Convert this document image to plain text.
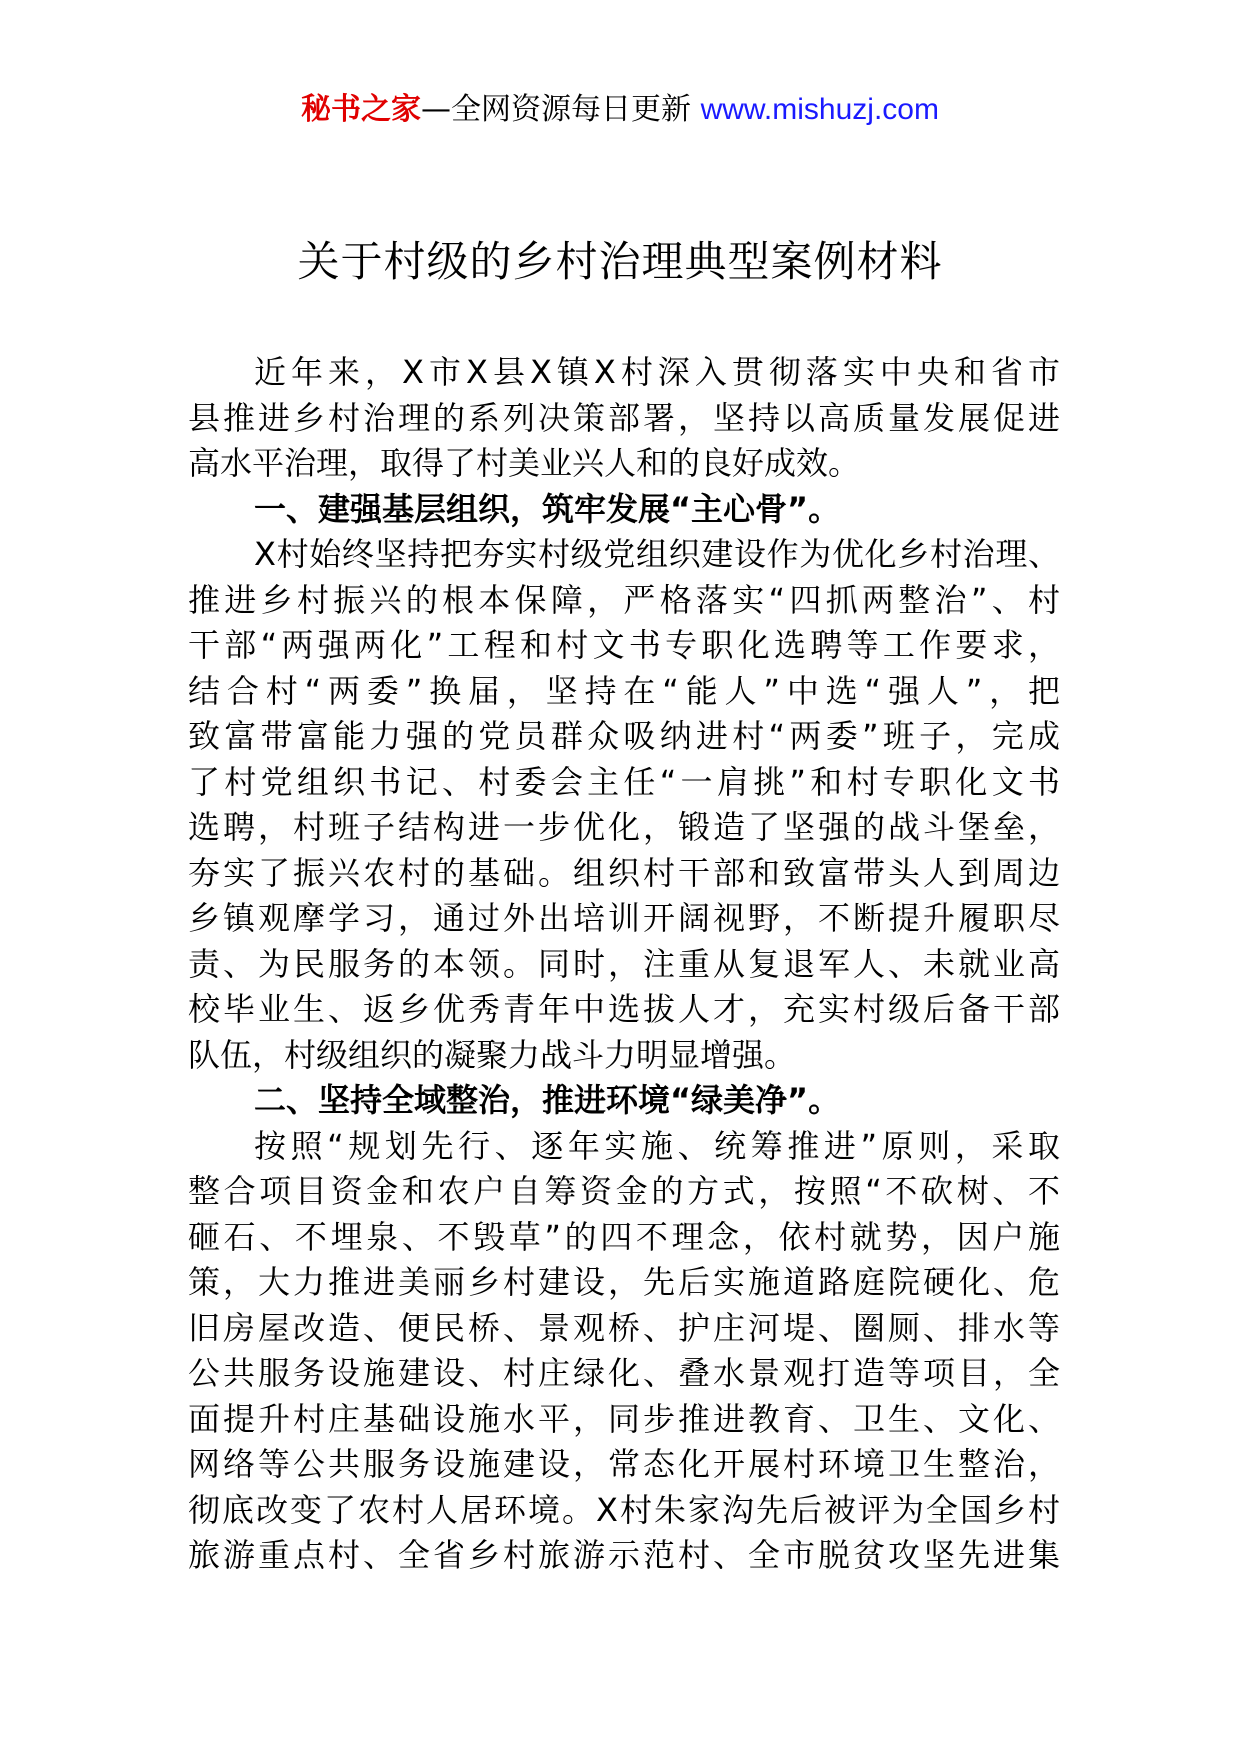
秘书之家—全网资源每日更新 www.mishuzj.com
关于村级的乡村治理典型案例材料
近年来，X市X县X镇X村深入贯彻落实中央和省市
县推进乡村治理的系列决策部署，坚持以高质量发展促进
高水平治理，取得了村美业兴人和的良好成效。
一、建强基层组织，筑牢发展“主心骨”。
X村始终坚持把夯实村级党组织建设作为优化乡村治理、
推进乡村振兴的根本保障，严格落实“四抓两整治”、村
干部“两强两化”工程和村文书专职化选聘等工作要求，
结合村“两委”换届，坚持在“能人”中选“强人”，把
致富带富能力强的党员群众吸纳进村“两委”班子，完成
了村党组织书记、村委会主任“一肩挑”和村专职化文书
选聘，村班子结构进一步优化，锻造了坚强的战斗堡垒，
夯实了振兴农村的基础。组织村干部和致富带头人到周边
乡镇观摩学习，通过外出培训开阔视野，不断提升履职尽
责、为民服务的本领。同时，注重从复退军人、未就业高
校毕业生、返乡优秀青年中选拔人才，充实村级后备干部
队伍，村级组织的凝聚力战斗力明显增强。
二、坚持全域整治，推进环境“绿美净”。
按照“规划先行、逐年实施、统筹推进”原则，采取
整合项目资金和农户自筹资金的方式，按照“不砍树、不
砸石、不埋泉、不毁草”的四不理念，依村就势，因户施
策，大力推进美丽乡村建设，先后实施道路庭院硬化、危
旧房屋改造、便民桥、景观桥、护庄河堤、圈厕、排水等
公共服务设施建设、村庄绿化、叠水景观打造等项目，全
面提升村庄基础设施水平，同步推进教育、卫生、文化、
网络等公共服务设施建设，常态化开展村环境卫生整治，
彻底改变了农村人居环境。X村朱家沟先后被评为全国乡村
旅游重点村、全省乡村旅游示范村、全市脱贫攻坚先进集
